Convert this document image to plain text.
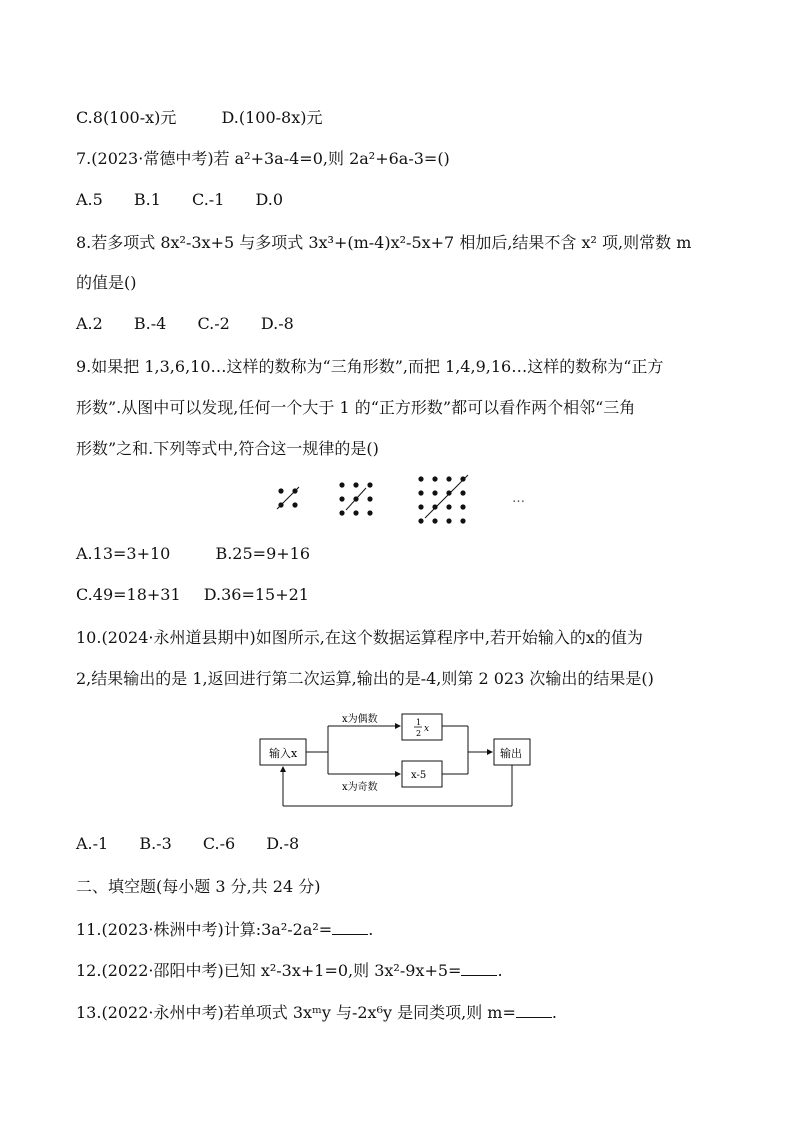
C.8(100-x)元	D.(100-8x)元
7.(2023·常德中考)若 a²+3a-4=0,则 2a²+6a-3=()
A.5 B.1 C.-1 D.0
8.若多项式 8x²-3x+5 与多项式 3x³+(m-4)x²-5x+7 相加后,结果不含 x² 项,则常数 m
的值是()
A.2 B.-4 C.-2 D.-8
9.如果把 1,3,6,10…这样的数称为“三角形数”,而把 1,4,9,16…这样的数称为“正方
形数”.从图中可以发现,任何一个大于 1 的“正方形数”都可以看作两个相邻“三角
形数”之和.下列等式中,符合这一规律的是()
…
A.13=3+10	B.25=9+16
C.49=18+31 D.36=15+21
10.(2024·永州道县期中)如图所示,在这个数据运算程序中,若开始输入的x的值为
2,结果输出的是 1,返回进行第二次运算,输出的是-4,则第 2 023 次输出的结果是()
输入x
x为偶数
x为奇数
1
2 x
x-5
输出
A.-1 B.-3 C.-6 D.-8
二、填空题(每小题 3 分,共 24 分)
11.(2023·株洲中考)计算:3a²-2a²= .
12.(2022·邵阳中考)已知 x²-3x+1=0,则 3x²-9x+5= .
13.(2022·永州中考)若单项式 3xᵐy 与-2x⁶y 是同类项,则 m= .
